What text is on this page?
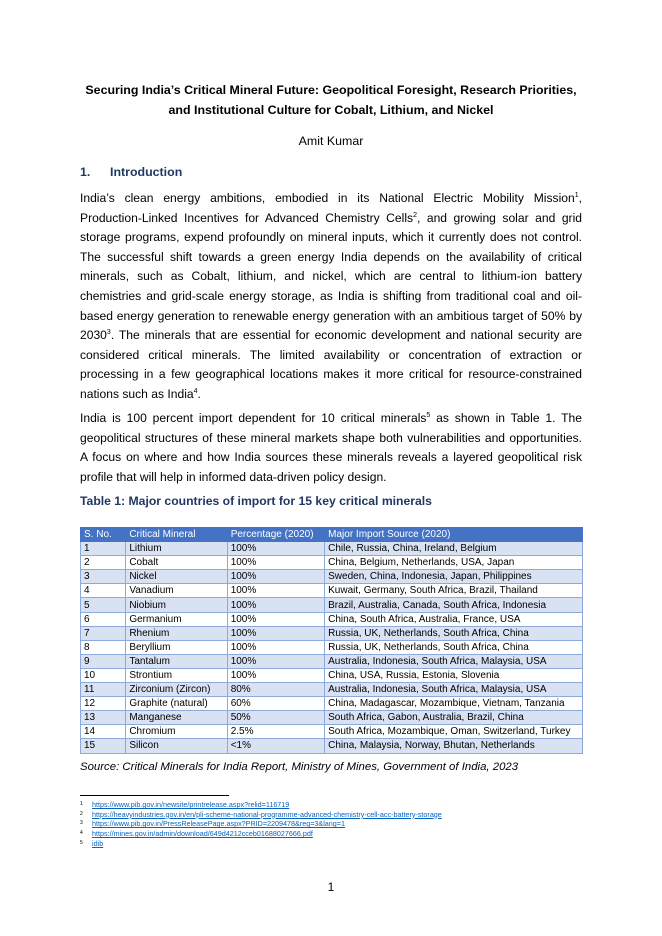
Securing India’s Critical Mineral Future: Geopolitical Foresight, Research Priorities,
and Institutional Culture for Cobalt, Lithium, and Nickel
Amit Kumar
1. Introduction
India’s clean energy ambitions, embodied in its National Electric Mobility Mission$^1$, Production-Linked Incentives for Advanced Chemistry Cells$^2$, and growing solar and grid storage programs, expend profoundly on mineral inputs, which it currently does not control. The successful shift towards a green energy India depends on the availability of critical minerals, such as Cobalt, lithium, and nickel, which are central to lithium-ion battery chemistries and grid-scale energy storage, as India is shifting from traditional coal and oil-based energy generation to renewable energy generation with an ambitious target of 50% by 2030$^3$. The minerals that are essential for economic development and national security are considered critical minerals. The limited availability or concentration of extraction or processing in a few geographical locations makes it more critical for resource-constrained nations such as India$^4$.
India is 100 percent import dependent for 10 critical minerals$^5$ as shown in Table 1. The geopolitical structures of these mineral markets shape both vulnerabilities and opportunities. A focus on where and how India sources these minerals reveals a layered geopolitical risk profile that will help in informed data-driven policy design.
Table 1: Major countries of import for 15 key critical minerals
S. No.	Critical Mineral	Percentage (2020)	Major Import Source (2020)
1	Lithium	100%	Chile, Russia, China, Ireland, Belgium
2	Cobalt	100%	China, Belgium, Netherlands, USA, Japan
3	Nickel	100%	Sweden, China, Indonesia, Japan, Philippines
4	Vanadium	100%	Kuwait, Germany, South Africa, Brazil, Thailand
5	Niobium	100%	Brazil, Australia, Canada, South Africa, Indonesia
6	Germanium	100%	China, South Africa, Australia, France, USA
7	Rhenium	100%	Russia, UK, Netherlands, South Africa, China
8	Beryllium	100%	Russia, UK, Netherlands, South Africa, China
9	Tantalum	100%	Australia, Indonesia, South Africa, Malaysia, USA
10	Strontium	100%	China, USA, Russia, Estonia, Slovenia
11	Zirconium (Zircon)	80%	Australia, Indonesia, South Africa, Malaysia, USA
12	Graphite (natural)	60%	China, Madagascar, Mozambique, Vietnam, Tanzania
13	Manganese	50%	South Africa, Gabon, Australia, Brazil, China
14	Chromium	2.5%	South Africa, Mozambique, Oman, Switzerland, Turkey
15	Silicon	<1%	China, Malaysia, Norway, Bhutan, Netherlands
Source: Critical Minerals for India Report, Ministry of Mines, Government of India, 2023
1 https://www.pib.gov.in/newsite/printrelease.aspx?relid=116719
2 https://heavyindustries.gov.in/en/pli-scheme-national-programme-advanced-chemistry-cell-acc-battery-storage
3 https://www.pib.gov.in/PressReleasePage.aspx?PRID=2209478&reg=3&lang=1
4 https://mines.gov.in/admin/download/649d4212cceb01688027666.pdf
5 idib
1
